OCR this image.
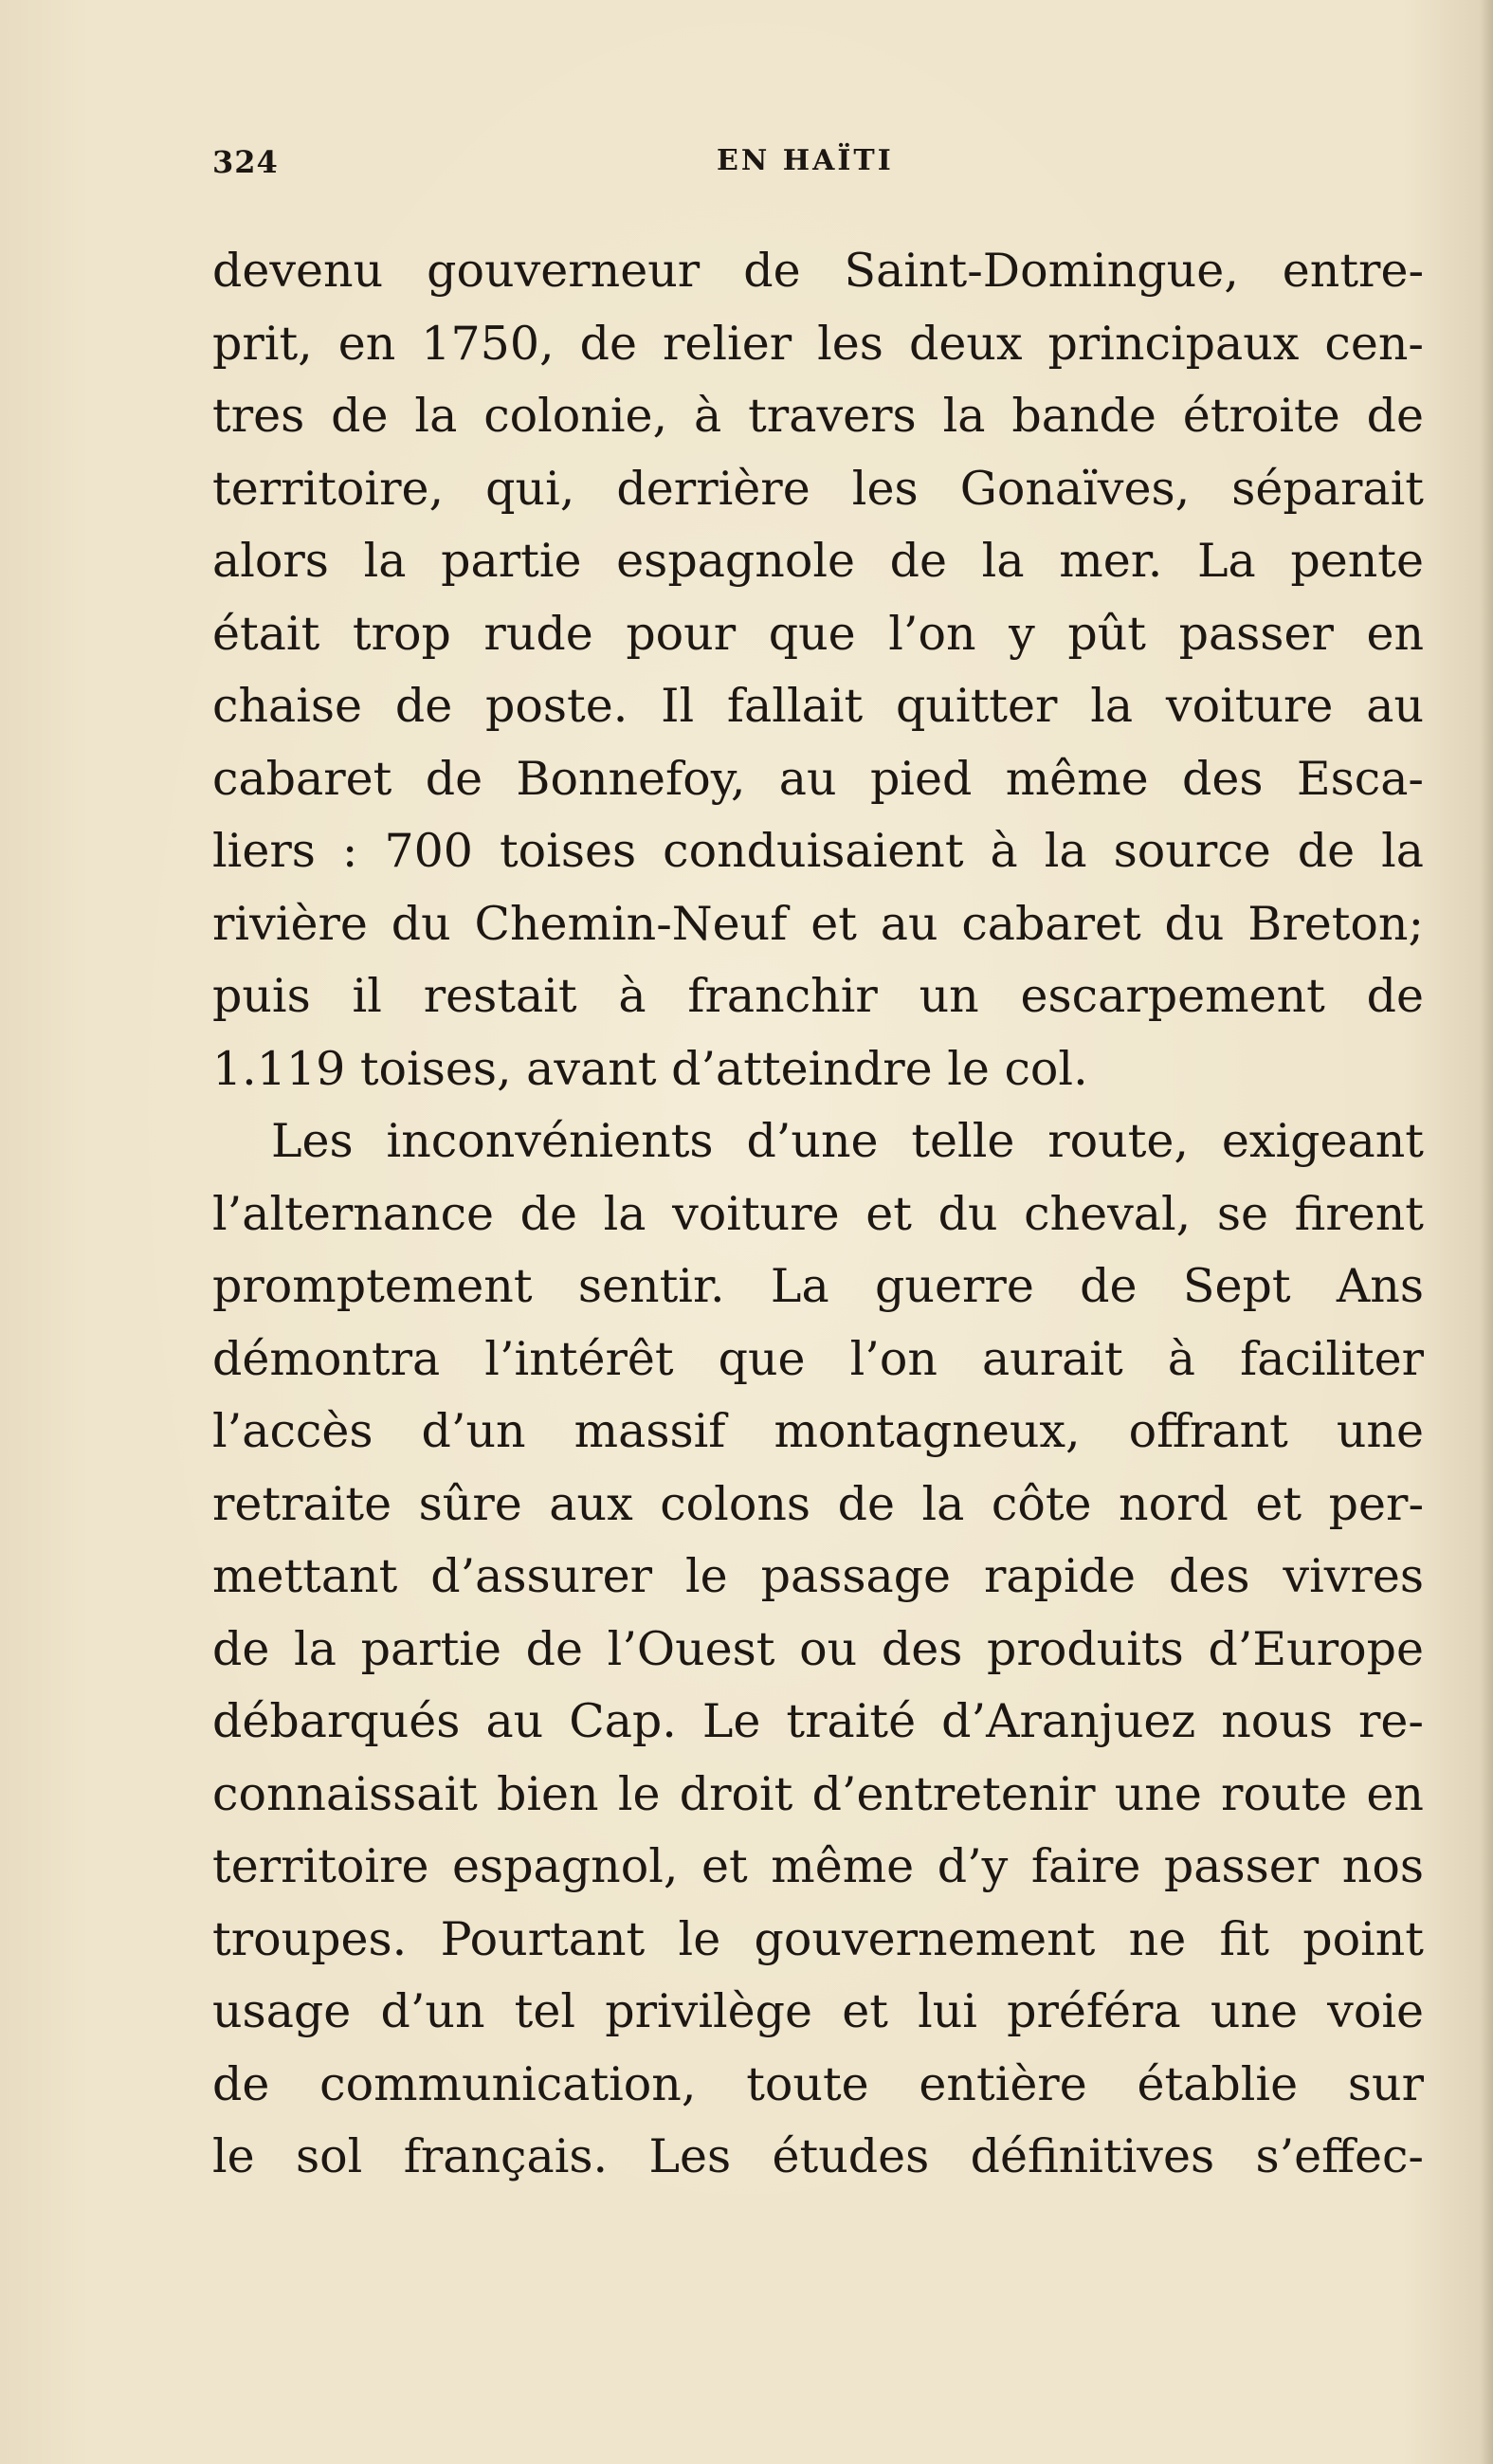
324	EN HAÏTI
devenu gouverneur de Saint-Domingue, entre-
prit, en 1750, de relier les deux principaux cen-
tres de la colonie, à travers la bande étroite de
territoire, qui, derrière les Gonaïves, séparait
alors la partie espagnole de la mer. La pente
était trop rude pour que l’on y pût passer en
chaise de poste. Il fallait quitter la voiture au
cabaret de Bonnefoy, au pied même des Esca-
liers : 700 toises conduisaient à la source de la
rivière du Chemin-Neuf et au cabaret du Breton;
puis il restait à franchir un escarpement de
1.119 toises, avant d’atteindre le col.
Les inconvénients d’une telle route, exigeant
l’alternance de la voiture et du cheval, se firent
promptement sentir. La guerre de Sept Ans
démontra l’intérêt que l’on aurait à faciliter
l’accès d’un massif montagneux, offrant une
retraite sûre aux colons de la côte nord et per-
mettant d’assurer le passage rapide des vivres
de la partie de l’Ouest ou des produits d’Europe
débarqués au Cap. Le traité d’Aranjuez nous re-
connaissait bien le droit d’entretenir une route en
territoire espagnol, et même d’y faire passer nos
troupes. Pourtant le gouvernement ne fit point
usage d’un tel privilège et lui préféra une voie
de communication, toute entière établie sur
le sol français. Les études définitives s’effec-
